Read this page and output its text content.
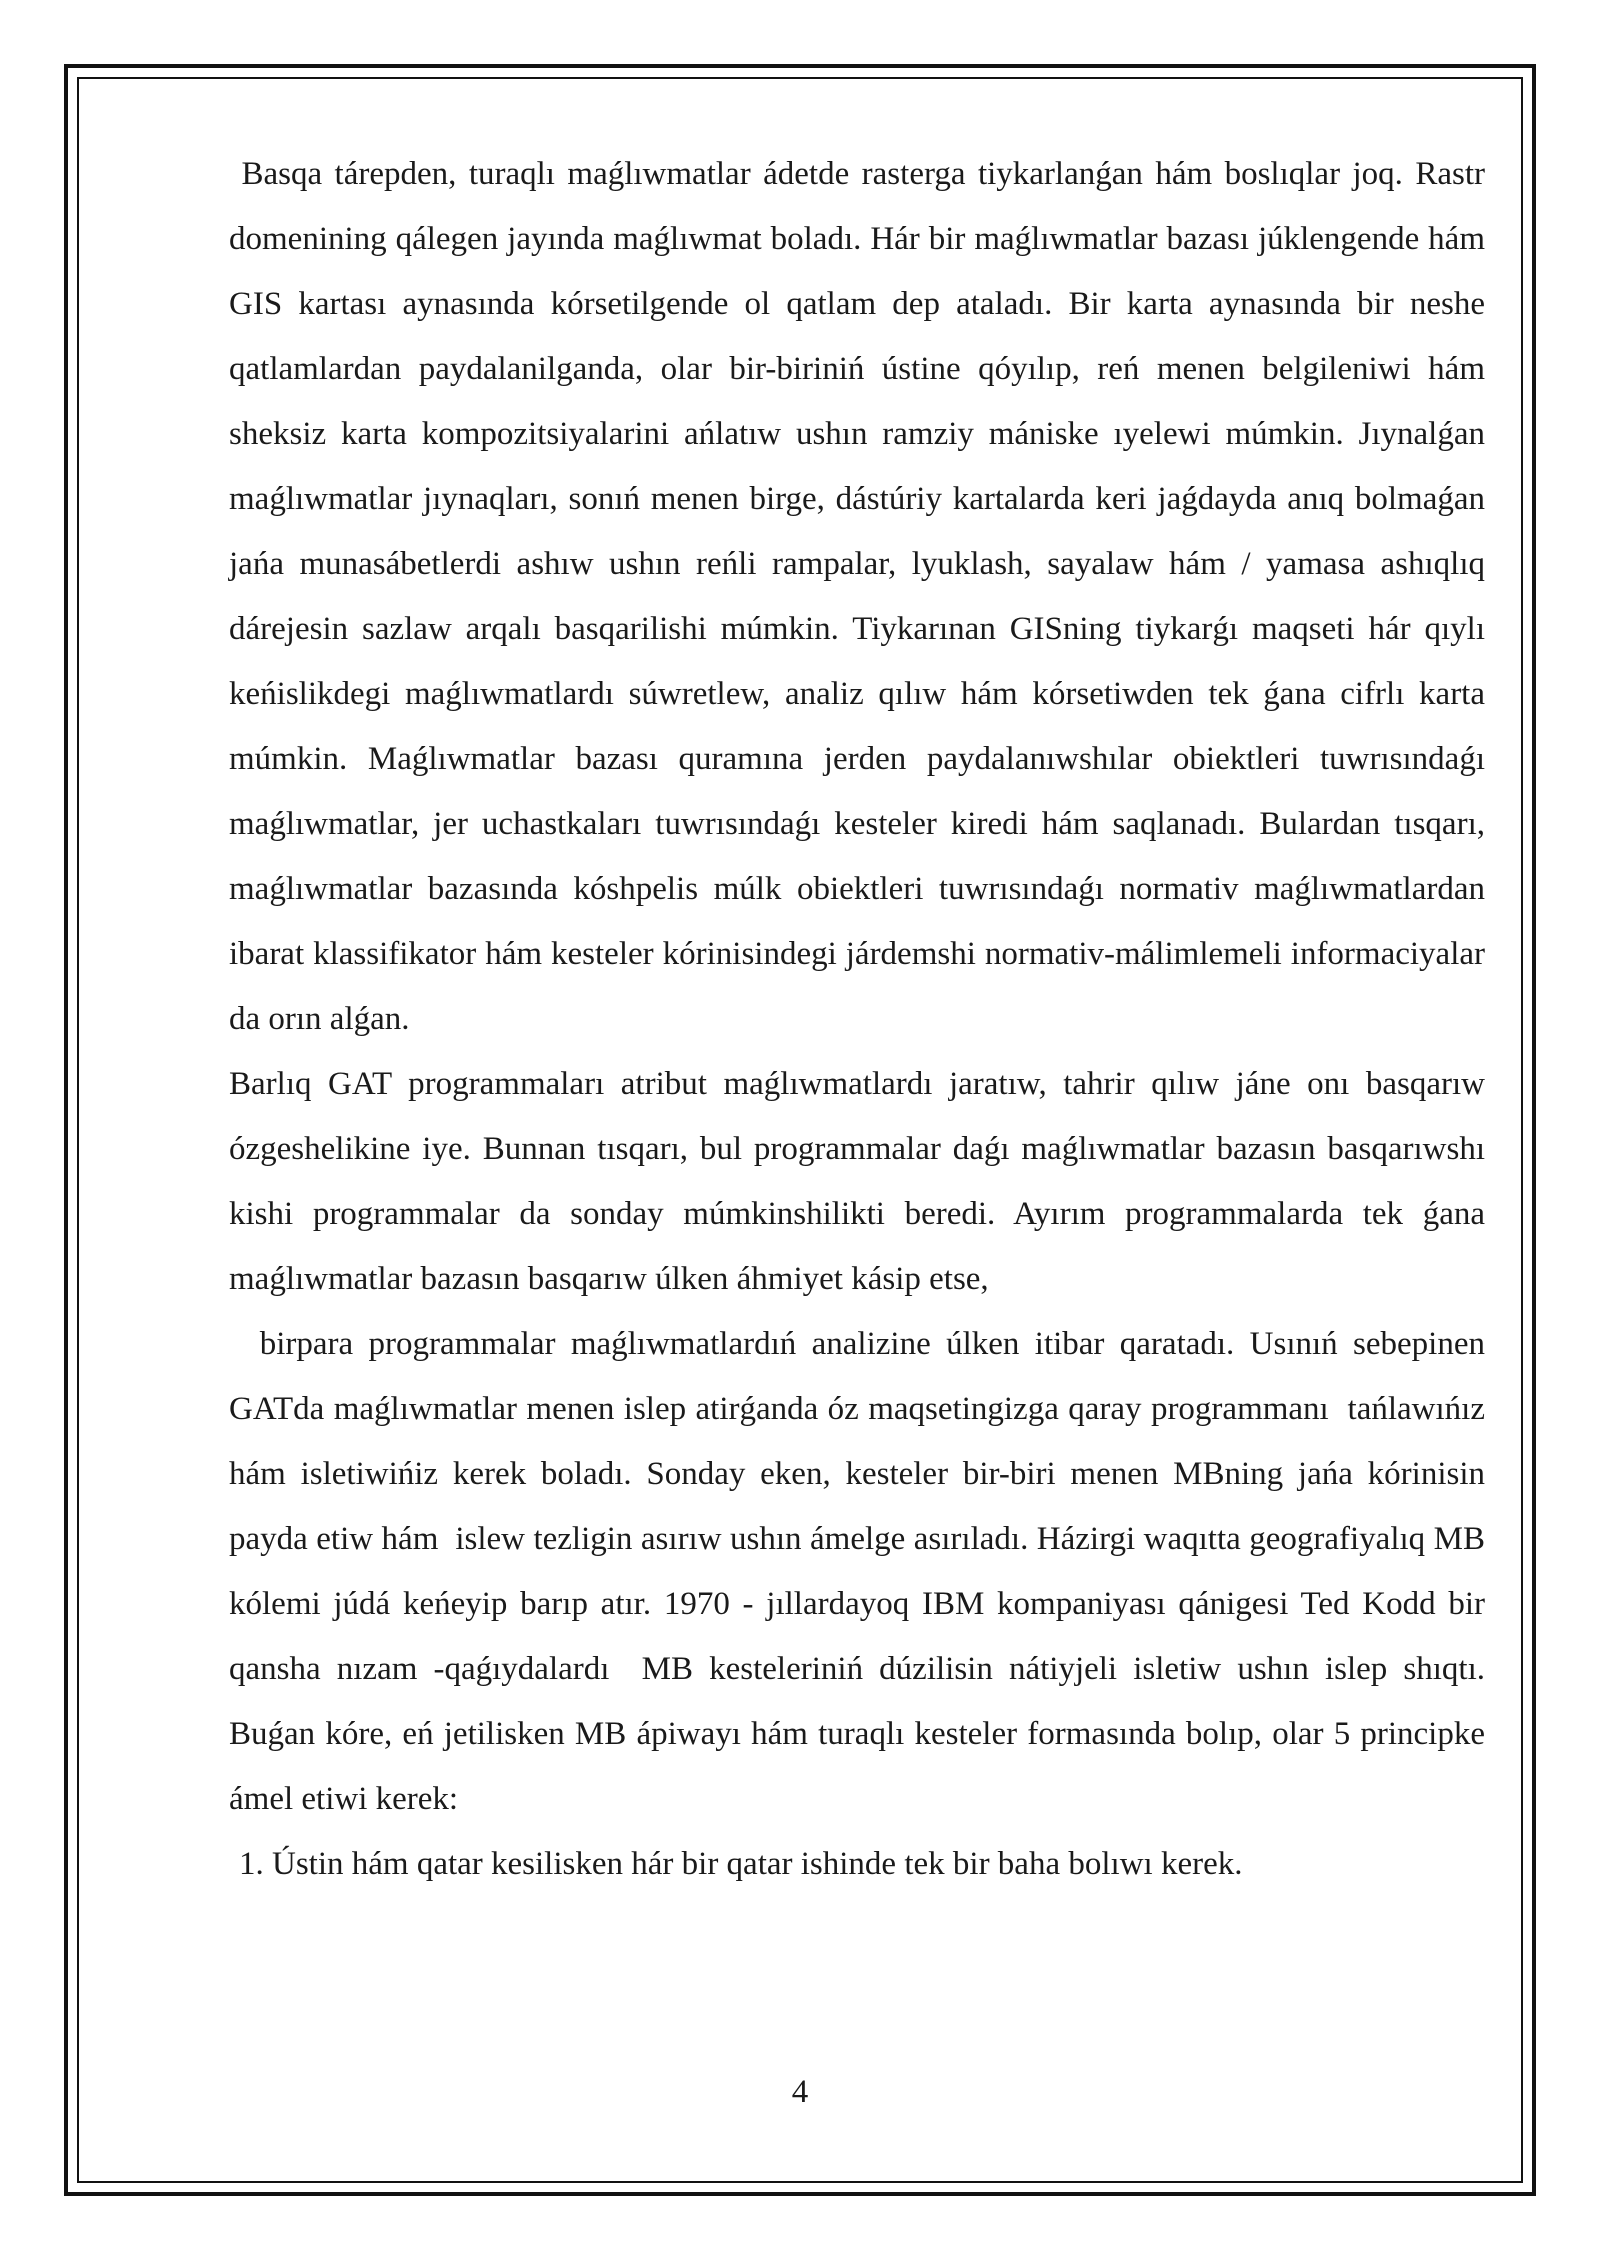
Basqa tárepden, turaqlı maǵlıwmatlar ádetde rasterga tiykarlanǵan hám boslıqlar joq. Rastr domenining qálegen jayında maǵlıwmat boladı. Hár bir maǵlıwmatlar bazası júklengende hám GIS kartası aynasında kórsetilgende ol qatlam dep ataladı. Bir karta aynasında bir neshe qatlamlardan paydalanilganda, olar bir-biriniń ústine qóyılıp, reń menen belgileniwi hám sheksiz karta kompozitsiyalarini ańlatıw ushın ramziy mániske ıyelewi múmkin. Jıynalǵan maǵlıwmatlar jıynaqları, sonıń menen birge, dástúriy kartalarda keri jaǵdayda anıq bolmaǵan jańa munasábetlerdi ashıw ushın reńli rampalar, lyuklash, sayalaw hám / yamasa ashıqlıq dárejesin sazlaw arqalı basqarilishi múmkin. Tiykarınan GISning tiykarǵı maqseti hár qıylı keńislikdegi maǵlıwmatlardı súwretlew, analiz qılıw hám kórsetiwden tek ǵana cifrlı karta múmkin. Maǵlıwmatlar bazası quramına jerden paydalanıwshılar obiektleri tuwrısındaǵı maǵlıwmatlar, jer uchastkaları tuwrısındaǵı kesteler kiredi hám saqlanadı. Bulardan tısqarı, maǵlıwmatlar bazasında kóshpelis múlk obiektleri tuwrısındaǵı normativ maǵlıwmatlardan ibarat klassifikator hám kesteler kórinisindegi járdemshi normativ-málimlemeli informaciyalar da orın alǵan.

Barlıq GAT programmaları atribut maǵlıwmatlardı jaratıw, tahrir qılıw jáne onı basqarıw ózgeshelikine iye. Bunnan tısqarı, bul programmalar daǵı maǵlıwmatlar bazasın basqarıwshı kishi programmalar da sonday múmkinshilikti beredi. Ayırım programmalarda tek ǵana maǵlıwmatlar bazasın basqarıw úlken áhmiyet kásip etse,

birpara programmalar maǵlıwmatlardıń analizine úlken itibar qaratadı. Usınıń sebepinen  GATda maǵlıwmatlar menen islep atirǵanda óz maqsetingizga qaray programmanı  tańlawıńız hám isletiwińiz kerek boladı. Sonday eken, kesteler bir-biri menen MBning jańa kórinisin payda etiw hám  islew tezligin asırıw ushın ámelge asırıladı. Házirgi waqıtta geografiyalıq MB kólemi júdá keńeyip barıp atır. 1970 - jıllardayoq IBM kompaniyası qánigesi Ted Kodd bir qansha nızam -qaǵıydalardı  MB kesteleriniń dúzilisin nátiyjeli isletiw ushın islep shıqtı. Buǵan kóre, eń jetilisken MB ápiwayı hám turaqlı kesteler formasında bolıp, olar 5 principke  ámel etiwi kerek:

1. Ústin hám qatar kesilisken hár bir qatar ishinde tek bir baha bolıwı kerek.

4
